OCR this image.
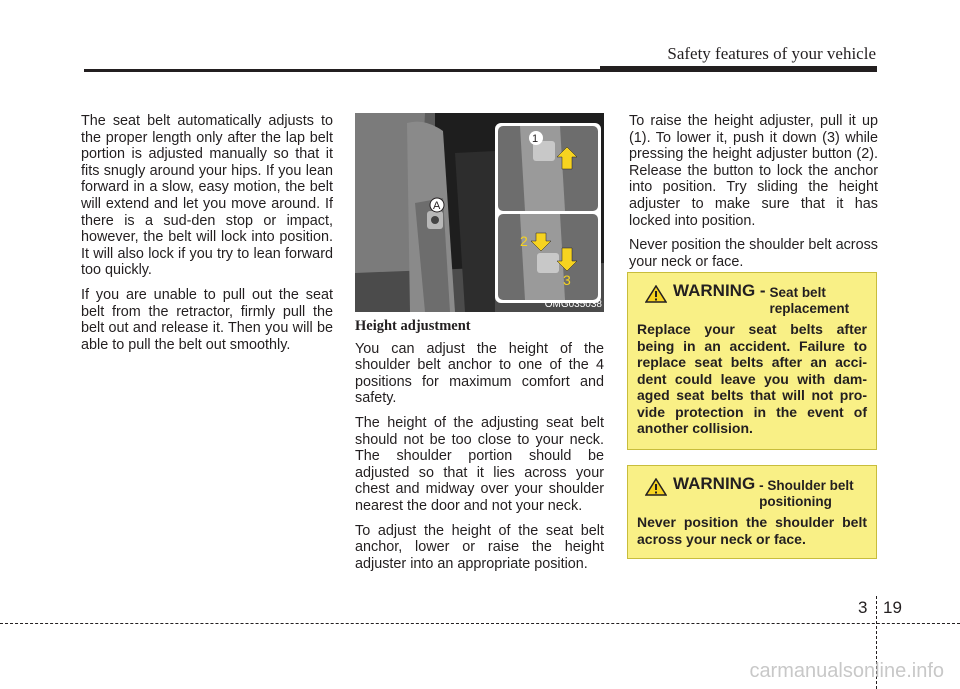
Safety features of your vehicle

The seat belt automatically adjusts to the proper length only after the lap belt portion is adjusted manually so that it fits snugly around your hips. If you lean forward in a slow, easy motion, the belt will extend and let you move around. If there is a sud-den stop or impact, however, the belt will lock into position. It will also lock if you try to lean forward too quickly.

If you are unable to pull out the seat belt from the retractor, firmly pull the belt out and release it. Then you will be able to pull the belt out smoothly.

A
1
2
3
OMG035038

Height adjustment

You can adjust the height of the shoulder belt anchor to one of the 4 positions for maximum comfort and safety.

The height of the adjusting seat belt should not be too close to your neck. The shoulder portion should be adjusted so that it lies across your chest and midway over your shoulder nearest the door and not your neck.

To adjust the height of the seat belt anchor, lower or raise the height adjuster into an appropriate position.

To raise the height adjuster, pull it up (1). To lower it, push it down (3) while pressing the height adjuster button (2). Release the button to lock the anchor into position. Try sliding the height adjuster to make sure that it has locked into position.

Never position the shoulder belt across your neck or face.

WARNING - Seat belt replacement
Replace your seat belts after being in an accident. Failure to replace seat belts after an acci-dent could leave you with dam-aged seat belts that will not pro-vide protection in the event of another collision.
WARNING - Shoulder belt positioning
Never position the shoulder belt across your neck or face.
3 19
carmanualsonline.info
